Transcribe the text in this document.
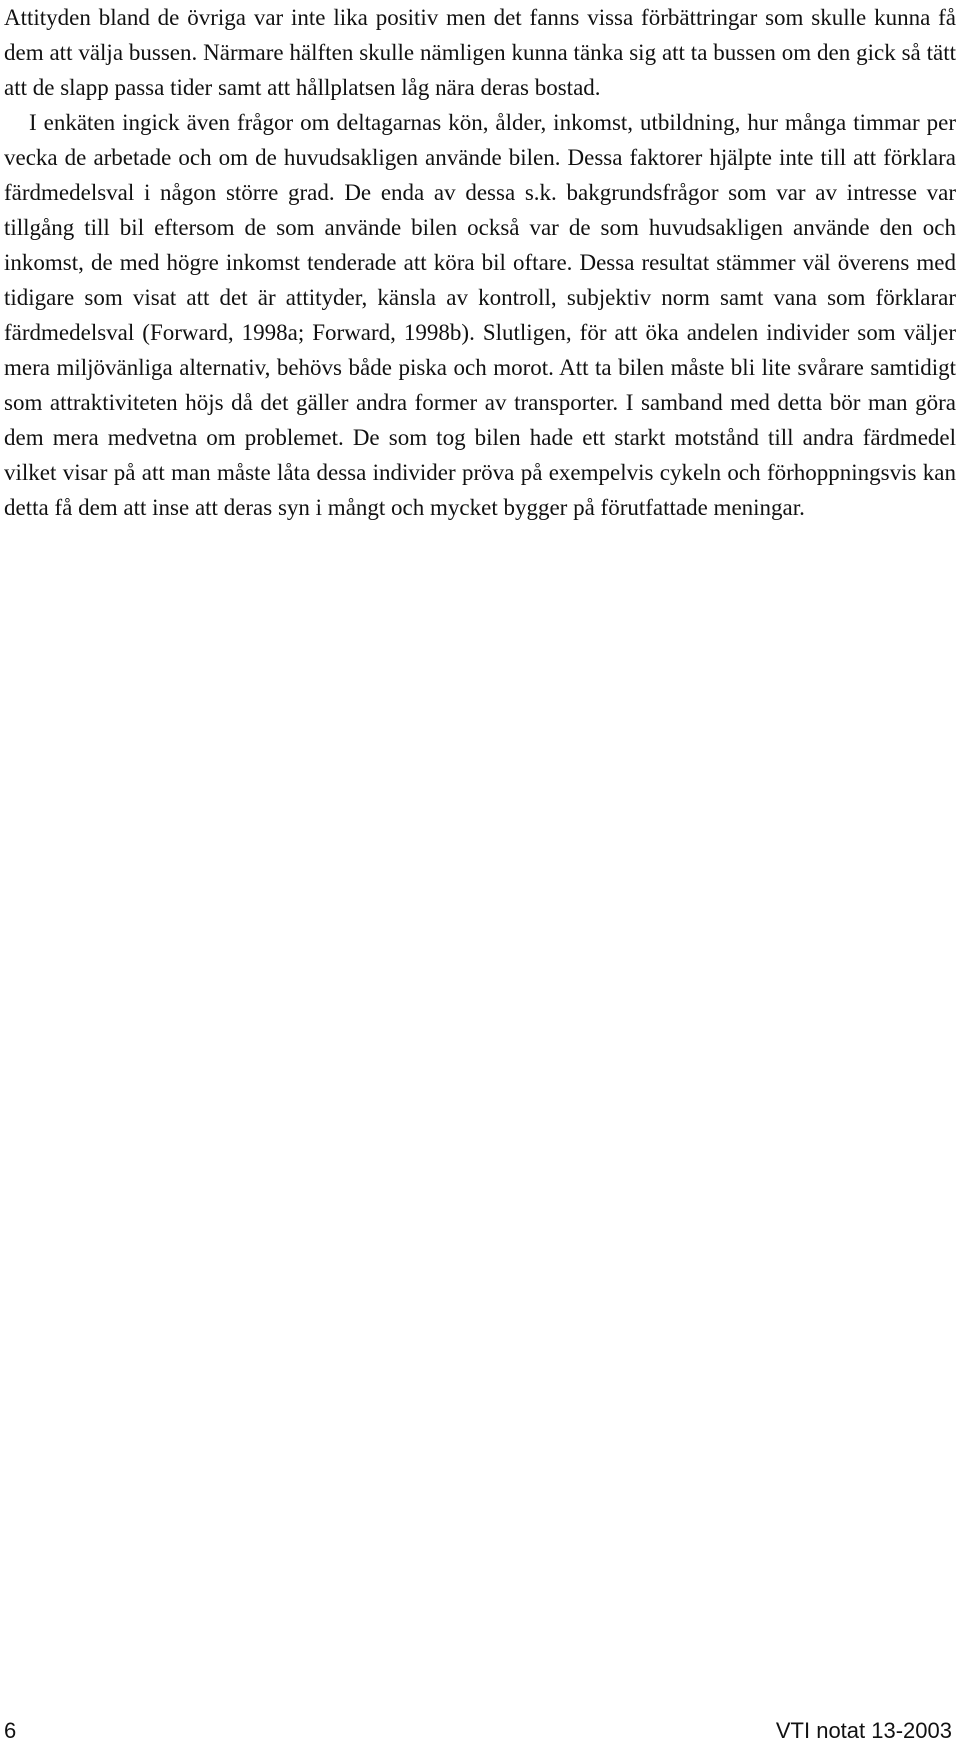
Attityden bland de övriga var inte lika positiv men det fanns vissa förbättringar som skulle kunna få dem att välja bussen. Närmare hälften skulle nämligen kunna tänka sig att ta bussen om den gick så tätt att de slapp passa tider samt att hållplatsen låg nära deras bostad.

I enkäten ingick även frågor om deltagarnas kön, ålder, inkomst, utbildning, hur många timmar per vecka de arbetade och om de huvudsakligen använde bilen. Dessa faktorer hjälpte inte till att förklara färdmedelsval i någon större grad. De enda av dessa s.k. bakgrundsfrågor som var av intresse var tillgång till bil eftersom de som använde bilen också var de som huvudsakligen använde den och inkomst, de med högre inkomst tenderade att köra bil oftare. Dessa resultat stämmer väl överens med tidigare som visat att det är attityder, känsla av kontroll, subjektiv norm samt vana som förklarar färdmedelsval (Forward, 1998a; Forward, 1998b). Slutligen, för att öka andelen individer som väljer mera miljövänliga alternativ, behövs både piska och morot. Att ta bilen måste bli lite svårare samtidigt som attraktiviteten höjs då det gäller andra former av transporter. I samband med detta bör man göra dem mera medvetna om problemet. De som tog bilen hade ett starkt motstånd till andra färdmedel vilket visar på att man måste låta dessa individer pröva på exempelvis cykeln och förhoppningsvis kan detta få dem att inse att deras syn i mångt och mycket bygger på förutfattade meningar.

6	VTI notat 13-2003
